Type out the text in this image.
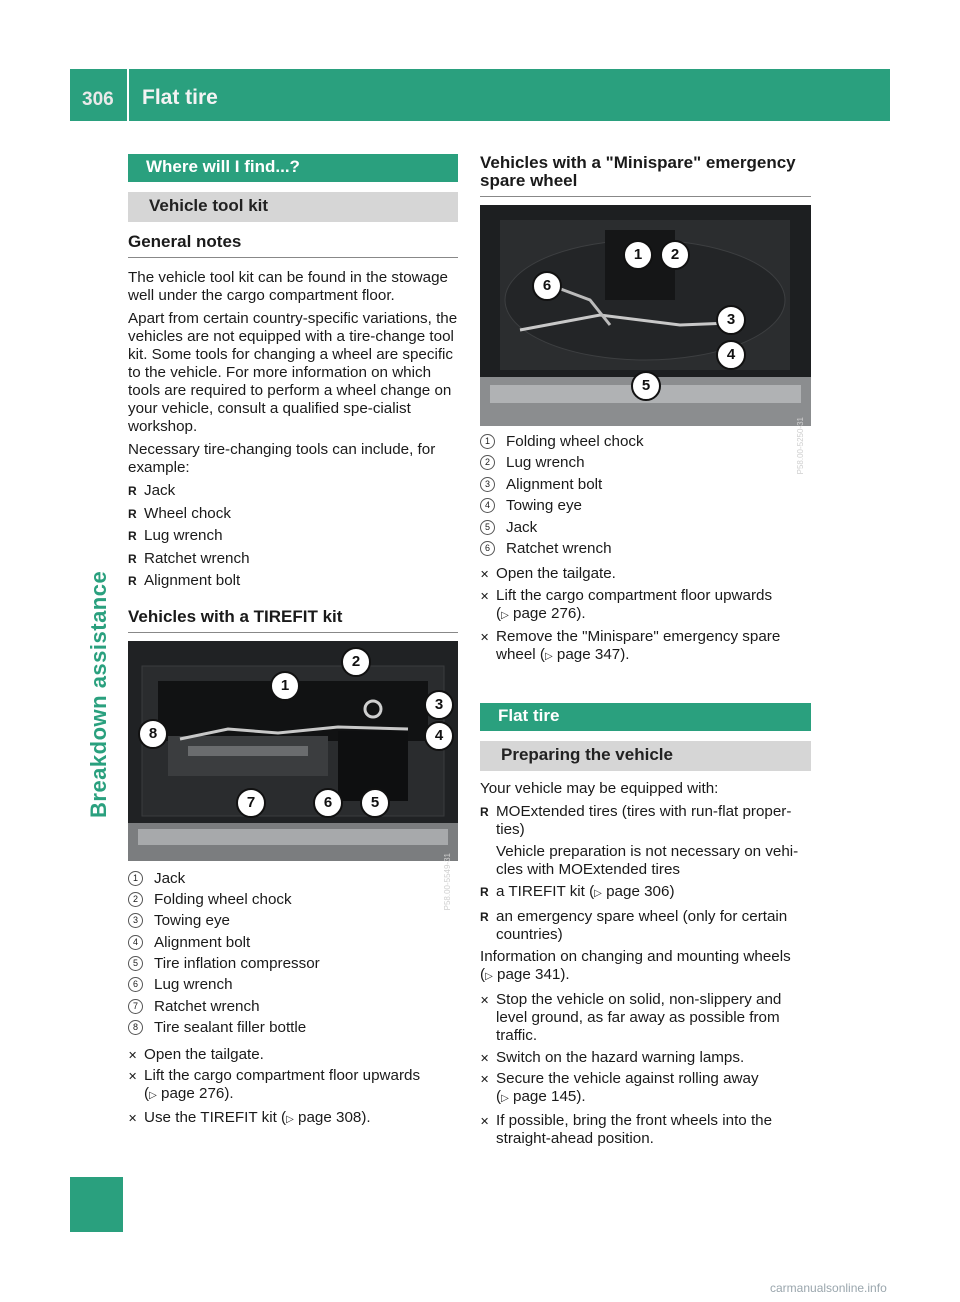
306 Flat tire
Breakdown assistance
Where will I find...?
Vehicle tool kit
General notes

The vehicle tool kit can be found in the stowage well under the cargo compartment floor.

Apart from certain country-specific variations, the vehicles are not equipped with a tire-change tool kit. Some tools for changing a wheel are specific to the vehicle. For more information on which tools are required to perform a wheel change on your vehicle, consult a qualified spe-cialist workshop.

Necessary tire-changing tools can include, for example:

R Jack
R Wheel chock
R Lug wrench
R Ratchet wrench
R Alignment bolt
Vehicles with a TIREFIT kit
P58.00-5549-31
1
2
3
4
5
6
7
8
1	Jack
2	Folding wheel chock
3	Towing eye
4	Alignment bolt
5	Tire inflation compressor
6	Lug wrench
7	Ratchet wrench
8	Tire sealant filler bottle
✕ Open the tailgate.
✕ Lift the cargo compartment floor upwards
(▷ page 276).
✕ Use the TIREFIT kit (▷ page 308).
Vehicles with a "Minispare" emergency spare wheel
P58.00-5250-31
1	2
3
4
5
6
1	Folding wheel chock
2	Lug wrench
3	Alignment bolt
4	Towing eye
5	Jack
6	Ratchet wrench
✕ Open the tailgate.
✕ Lift the cargo compartment floor upwards
(▷ page 276).
✕ Remove the "Minispare" emergency spare
wheel (▷ page 347).
Flat tire
Preparing the vehicle

Your vehicle may be equipped with:

R MOExtended tires (tires with run-flat proper-ties)
Vehicle preparation is not necessary on vehi-cles with MOExtended tires
R a TIREFIT kit (▷ page 306)
R an emergency spare wheel (only for certain countries)

Information on changing and mounting wheels
(▷ page 341).

✕ Stop the vehicle on solid, non-slippery and level ground, as far away as possible from traffic.
✕ Switch on the hazard warning lamps.
✕ Secure the vehicle against rolling away
(▷ page 145).
✕ If possible, bring the front wheels into the straight-ahead position.
carmanualsonline.info
